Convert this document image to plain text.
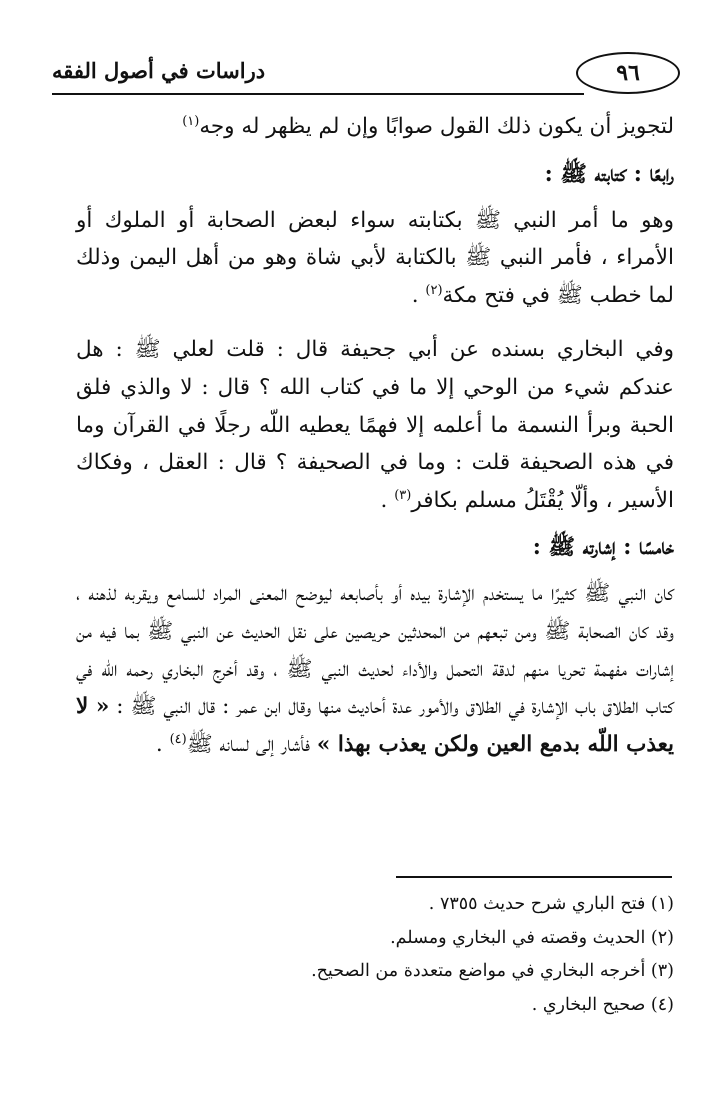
٩٦
دراسات في أصول الفقه

لتجويز أن يكون ذلك القول صوابًا وإن لم يظهر له وجه$^{(١)}$

رابعًا : كتابته ﷺ :

وهو ما أمر النبي ﷺ بكتابته سواء لبعض الصحابة أو الملوك أو الأمراء ، فأمر النبي ﷺ بالكتابة لأبي شاة وهو من أهل اليمن وذلك لما خطب ﷺ في فتح مكة$^{(٢)}$ .

وفي البخاري بسنده عن أبي جحيفة قال : قلت لعلي ﷺ : هل عندكم شيء من الوحي إلا ما في كتاب الله ؟ قال : لا والذي فلق الحبة وبرأ النسمة ما أعلمه إلا فهمًا يعطيه اللّه رجلًا في القرآن وما في هذه الصحيفة قلت : وما في الصحيفة ؟ قال : العقل ، وفكاك الأسير ، وألّا يُقْتَلُ مسلم بكافر$^{(٣)}$ .

خامسًا : إشارته ﷺ :

كان النبي ﷺ كثيرًا ما يستخدم الإشارة بيده أو بأصابعه ليوضح المعنى المراد للسامع ويقربه لذهنه ، وقد كان الصحابة ﷺ ومن تبعهم من المحدثين حريصين على نقل الحديث عن النبي ﷺ بما فيه من إشارات مفهمة تحريا منهم لدقة التحمل والأداء لحديث النبي ﷺ ، وقد أخرج البخاري رحمه اللّه في كتاب الطلاق باب الإشارة في الطلاق والأمور عدة أحاديث منها وقال ابن عمر : قال النبي ﷺ : « لا يعذب اللّه بدمع العين ولكن يعذب بهذا » فأشار إلى لسانه ﷺ$^{(٤)}$ .

(١) فتح الباري شرح حديث ٧٣٥٥ .

(٢) الحديث وقصته في البخاري ومسلم.

(٣) أخرجه البخاري في مواضع متعددة من الصحيح.

(٤) صحيح البخاري .
